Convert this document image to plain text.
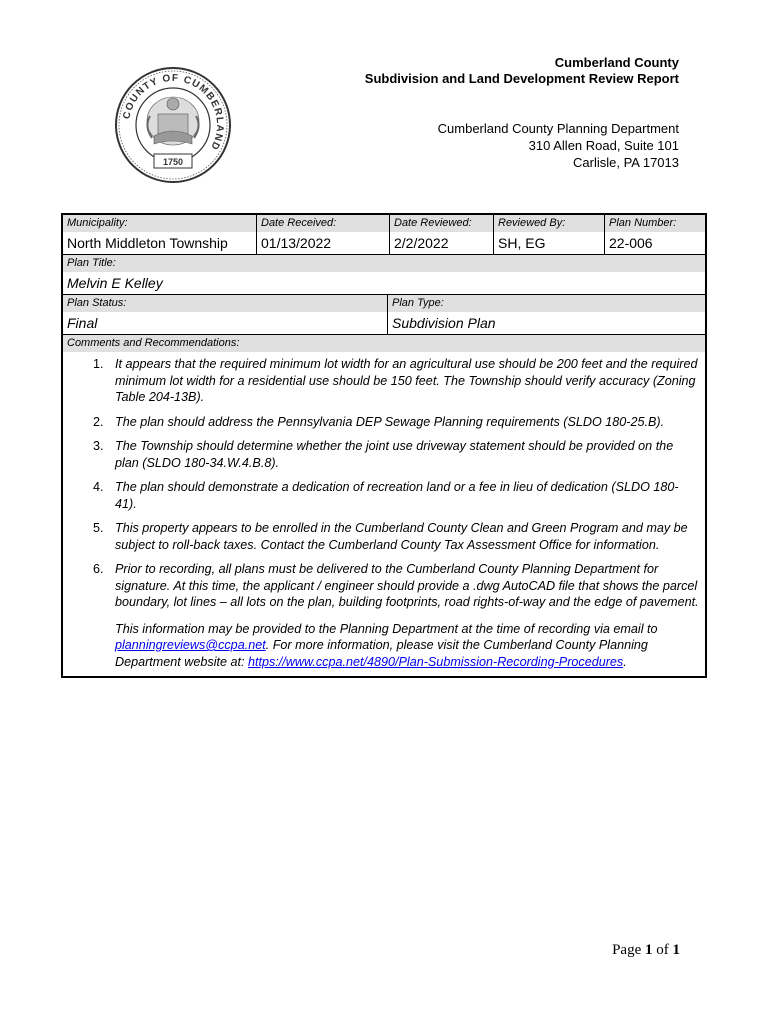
COUNTY OF CUMBERLAND
1750
Cumberland County
Subdivision and Land Development Review Report
Cumberland County Planning Department
310 Allen Road, Suite 101
Carlisle, PA 17013
Municipality:
North Middleton Township
Date Received:
01/13/2022
Date Reviewed:
2/2/2022
Reviewed By:
SH, EG
Plan Number:
22-006
Plan Title:
Melvin E Kelley
Plan Status:
Final
Plan Type:
Subdivision Plan
Comments and Recommendations:
1. It appears that the required minimum lot width for an agricultural use should be 200 feet and the required minimum lot width for a residential use should be 150 feet. The Township should verify accuracy (Zoning Table 204-13B).
2. The plan should address the Pennsylvania DEP Sewage Planning requirements (SLDO 180-25.B).
3. The Township should determine whether the joint use driveway statement should be provided on the plan (SLDO 180-34.W.4.B.8).
4. The plan should demonstrate a dedication of recreation land or a fee in lieu of dedication (SLDO 180-41).
5. This property appears to be enrolled in the Cumberland County Clean and Green Program and may be subject to roll-back taxes. Contact the Cumberland County Tax Assessment Office for information.
6. Prior to recording, all plans must be delivered to the Cumberland County Planning Department for signature. At this time, the applicant / engineer should provide a .dwg AutoCAD file that shows the parcel boundary, lot lines – all lots on the plan, building footprints, road rights-of-way and the edge of pavement.
This information may be provided to the Planning Department at the time of recording via email to planningreviews@ccpa.net. For more information, please visit the Cumberland County Planning Department website at: https://www.ccpa.net/4890/Plan-Submission-Recording-Procedures.
Page 1 of 1
